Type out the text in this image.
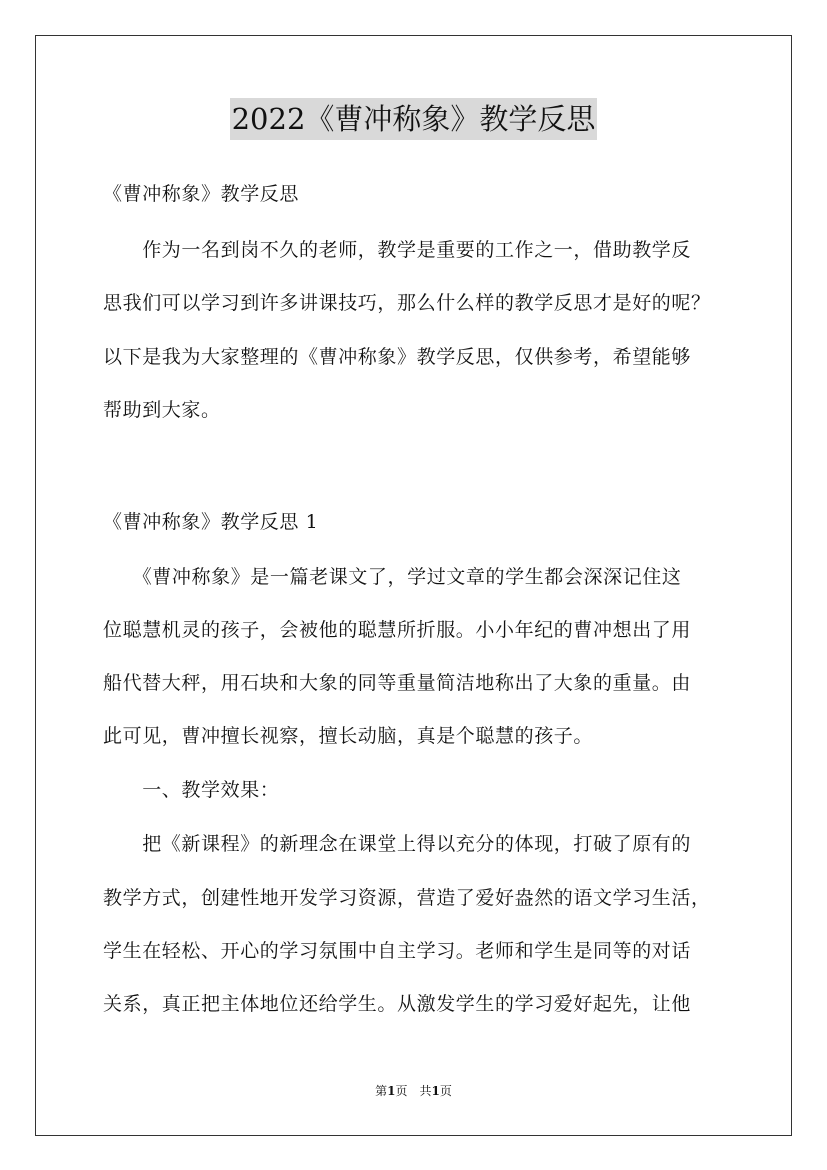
2022《曹冲称象》教学反思
《曹冲称象》教学反思
　　作为一名到岗不久的老师，教学是重要的工作之一，借助教学反
思我们可以学习到许多讲课技巧，那么什么样的教学反思才是好的呢？
以下是我为大家整理的《曹冲称象》教学反思，仅供参考，希望能够
帮助到大家。
《曹冲称象》教学反思 1
　　《曹冲称象》是一篇老课文了，学过文章的学生都会深深记住这
位聪慧机灵的孩子，会被他的聪慧所折服。小小年纪的曹冲想出了用
船代替大秤，用石块和大象的同等重量简洁地称出了大象的重量。由
此可见，曹冲擅长视察，擅长动脑，真是个聪慧的孩子。
　　一、教学效果：
　　把《新课程》的新理念在课堂上得以充分的体现，打破了原有的
教学方式，创建性地开发学习资源，营造了爱好盎然的语文学习生活，
学生在轻松、开心的学习氛围中自主学习。老师和学生是同等的对话
关系，真正把主体地位还给学生。从激发学生的学习爱好起先，让他
第1页　共1页
